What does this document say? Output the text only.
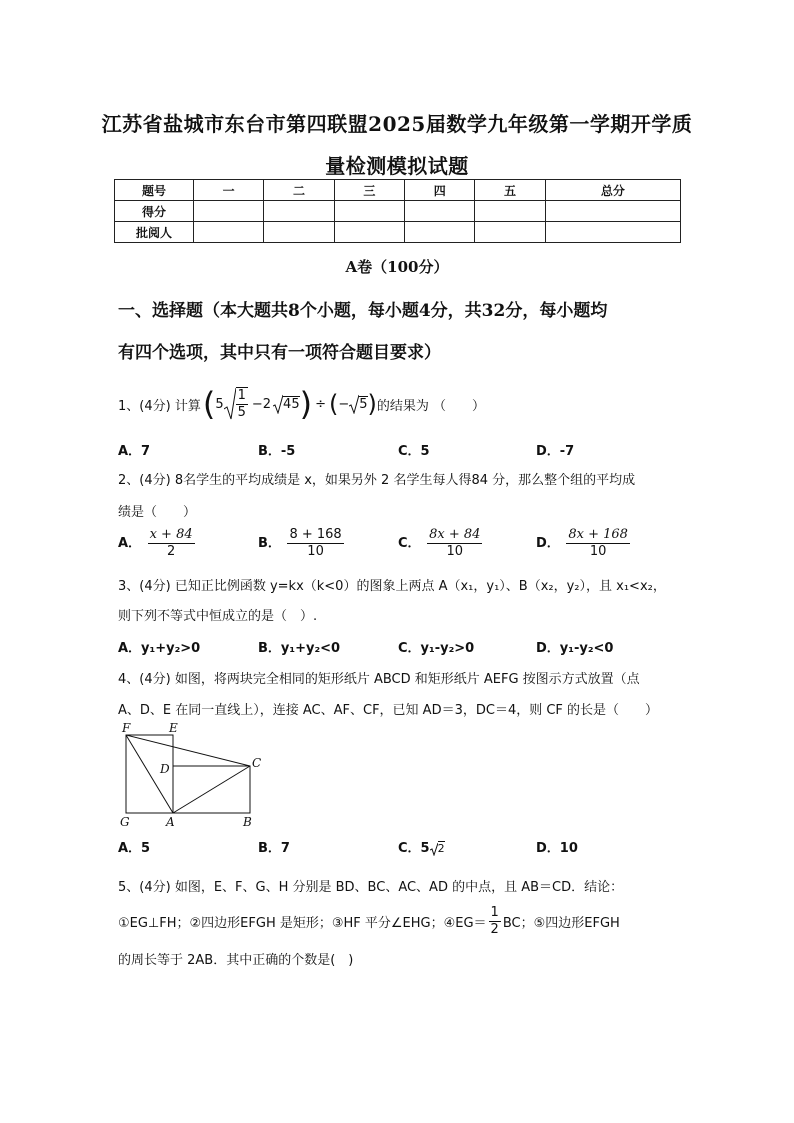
江苏省盐城市东台市第四联盟2025届数学九年级第一学期开学质
量检测模拟试题
题号	一	二	三	四	五	总分
得分						
批阅人						
A卷（100分）
一、选择题（本大题共8个小题，每小题4分，共32分，每小题均
有四个选项，其中只有一项符合题目要求）
1、(4分) 计算 ( $5 \frac{1}{5} -2$ 45 ) ÷ ( − 5 ) 的结果为 （　　）
A．7	B．-5	C．5	D．-7
2、(4分) 8名学生的平均成绩是 x，如果另外 2 名学生每人得84 分，那么整个组的平均成
绩是（　　）
A． $\frac{x + 84}{2}$	B． $\frac{8 + 168}{10}$	C． $\frac{8x + 84}{10}$	D． $\frac{8x + 168}{10}$
3、(4分) 已知正比例函数 y=kx（k<0）的图象上两点 A（x₁，y₁）、B（x₂，y₂），且 x₁<x₂，
则下列不等式中恒成立的是（　）.
A．y₁+y₂>0	B．y₁+y₂<0	C．y₁-y₂>0	D．y₁-y₂<0
4、(4分) 如图，将两块完全相同的矩形纸片 ABCD 和矩形纸片 AEFG 按图示方式放置（点
A、D、E 在同一直线上），连接 AC、AF、CF，已知 AD＝3，DC＝4，则 CF 的长是（　　）
F	E
D	C
G	A	B
A．5	B．7	C．5 2	D．10
5、(4分) 如图，E、F、G、H 分别是 BD、BC、AC、AD 的中点，且 AB＝CD．结论：
①EG⊥FH；②四边形EFGH 是矩形；③HF 平分∠EHG；④EG＝ $\frac{1}{2}$ BC；⑤四边形EFGH
的周长等于 2AB．其中正确的个数是(　)
